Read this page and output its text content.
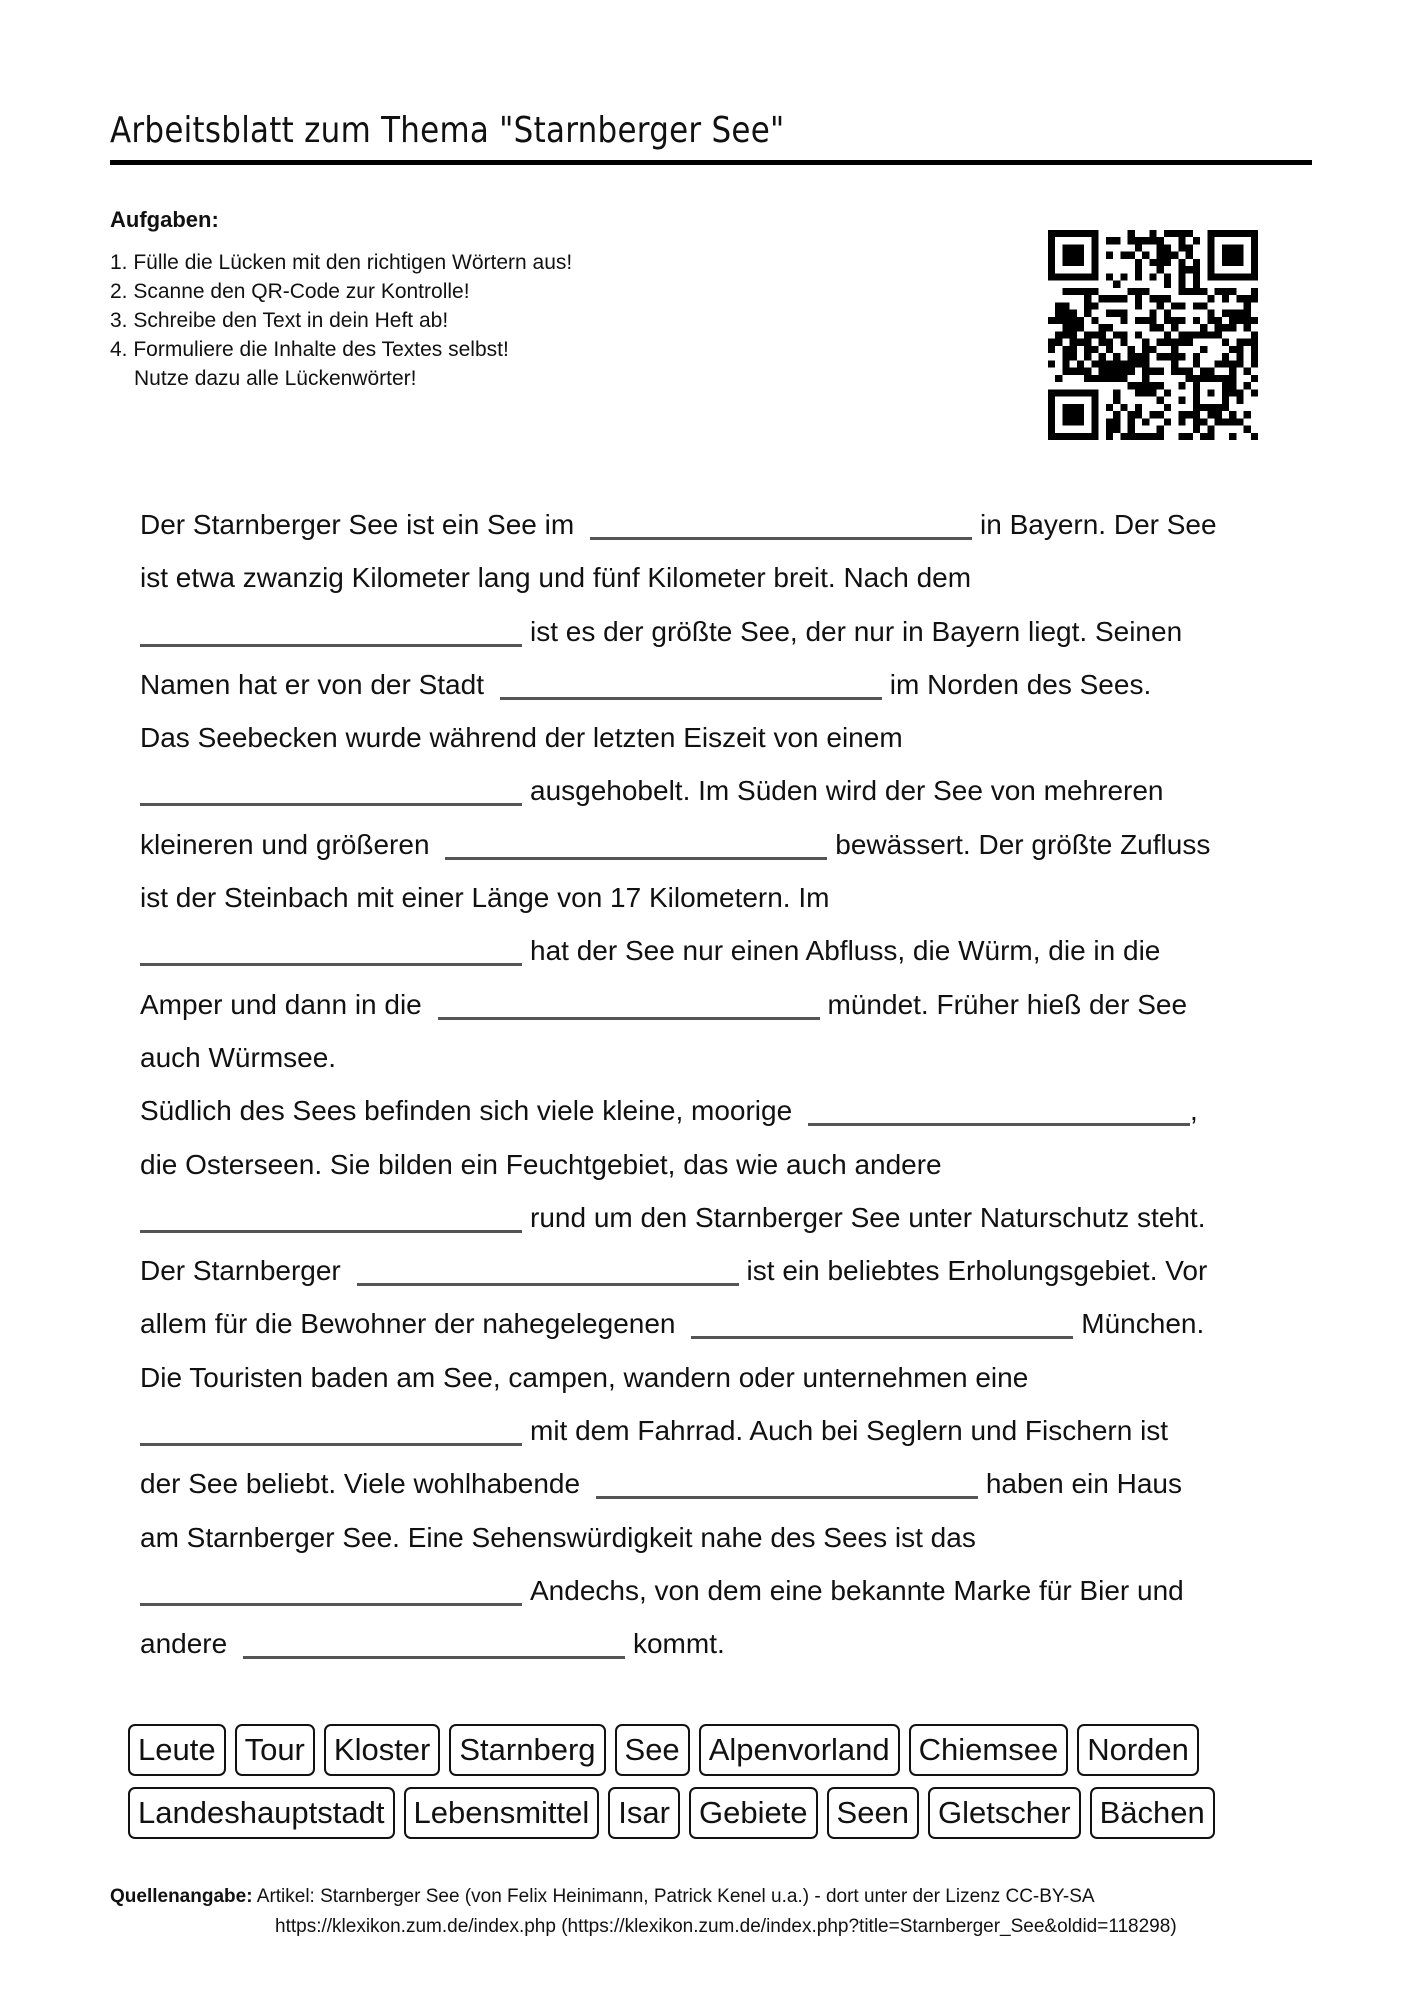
Arbeitsblatt zum Thema "Starnberger See"
Aufgaben:
1. Fülle die Lücken mit den richtigen Wörtern aus!
2. Scanne den QR-Code zur Kontrolle!
3. Schreibe den Text in dein Heft ab!
4. Formuliere die Inhalte des Textes selbst!
Nutze dazu alle Lückenwörter!
Der Starnberger See ist ein See im	in Bayern. Der See
ist etwa zwanzig Kilometer lang und fünf Kilometer breit. Nach dem
ist es der größte See, der nur in Bayern liegt. Seinen
Namen hat er von der Stadt	im Norden des Sees.
Das Seebecken wurde während der letzten Eiszeit von einem
ausgehobelt. Im Süden wird der See von mehreren
kleineren und größeren	bewässert. Der größte Zufluss
ist der Steinbach mit einer Länge von 17 Kilometern. Im
hat der See nur einen Abfluss, die Würm, die in die
Amper und dann in die	mündet. Früher hieß der See
auch Würmsee.
Südlich des Sees befinden sich viele kleine, moorige	,
die Osterseen. Sie bilden ein Feuchtgebiet, das wie auch andere
rund um den Starnberger See unter Naturschutz steht.
Der Starnberger	ist ein beliebtes Erholungsgebiet. Vor
allem für die Bewohner der nahegelegenen	München.
Die Touristen baden am See, campen, wandern oder unternehmen eine
mit dem Fahrrad. Auch bei Seglern und Fischern ist
der See beliebt. Viele wohlhabende	haben ein Haus
am Starnberger See. Eine Sehenswürdigkeit nahe des Sees ist das
Andechs, von dem eine bekannte Marke für Bier und
andere	kommt.
Leute Tour Kloster Starnberg See Alpenvorland Chiemsee Norden
Landeshauptstadt Lebensmittel Isar Gebiete Seen Gletscher Bächen
Quellenangabe: Artikel: Starnberger See (von Felix Heinimann, Patrick Kenel u.a.) - dort unter der Lizenz CC-BY-SA
https://klexikon.zum.de/index.php (https://klexikon.zum.de/index.php?title=Starnberger_See&oldid=118298)
